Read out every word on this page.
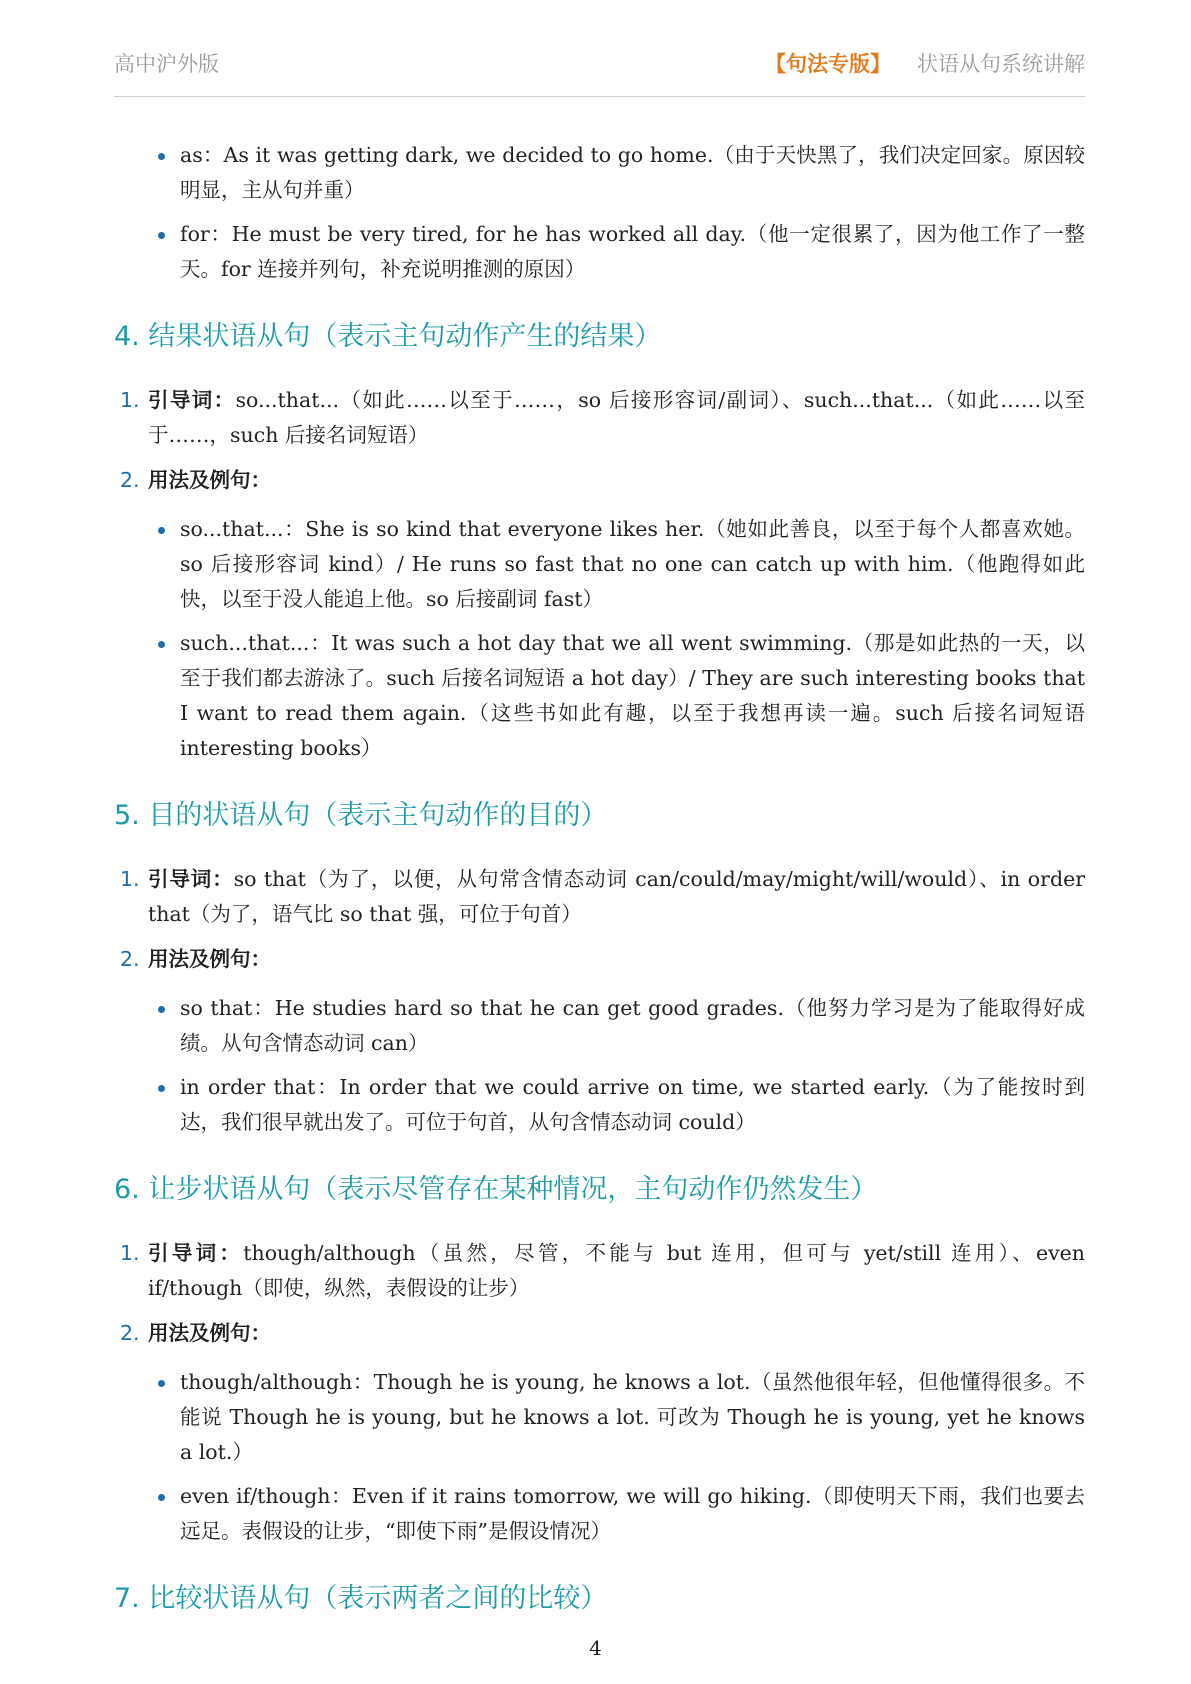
高中沪外版	【句法专版】 状语从句系统讲解
as：As it was getting dark, we decided to go home.（由于天快黑了，我们决定回家。原因较明显，主从句并重）
for：He must be very tired, for he has worked all day.（他一定很累了，因为他工作了一整天。for 连接并列句，补充说明推测的原因）
4. 结果状语从句（表示主句动作产生的结果）
1. 引导词：so...that...（如此……以至于……，so 后接形容词/副词）、such...that...（如此……以至于……，such 后接名词短语）
2. 用法及例句：
so...that...：She is so kind that everyone likes her.（她如此善良，以至于每个人都喜欢她。so 后接形容词 kind）/ He runs so fast that no one can catch up with him.（他跑得如此快，以至于没人能追上他。so 后接副词 fast）
such...that...：It was such a hot day that we all went swimming.（那是如此热的一天，以至于我们都去游泳了。such 后接名词短语 a hot day）/ They are such interesting books that I want to read them again.（这些书如此有趣，以至于我想再读一遍。such 后接名词短语 interesting books）
5. 目的状语从句（表示主句动作的目的）
1. 引导词：so that（为了，以便，从句常含情态动词 can/could/may/might/will/would）、in order that（为了，语气比 so that 强，可位于句首）
2. 用法及例句：
so that：He studies hard so that he can get good grades.（他努力学习是为了能取得好成绩。从句含情态动词 can）
in order that：In order that we could arrive on time, we started early.（为了能按时到达，我们很早就出发了。可位于句首，从句含情态动词 could）
6. 让步状语从句（表示尽管存在某种情况，主句动作仍然发生）
1. 引导词：though/although（虽然，尽管，不能与 but 连用，但可与 yet/still 连用）、even if/though（即使，纵然，表假设的让步）
2. 用法及例句：
though/although：Though he is young, he knows a lot.（虽然他很年轻，但他懂得很多。不能说 Though he is young, but he knows a lot. 可改为 Though he is young, yet he knows a lot.）
even if/though：Even if it rains tomorrow, we will go hiking.（即使明天下雨，我们也要去远足。表假设的让步，“即使下雨”是假设情况）
7. 比较状语从句（表示两者之间的比较）
4
